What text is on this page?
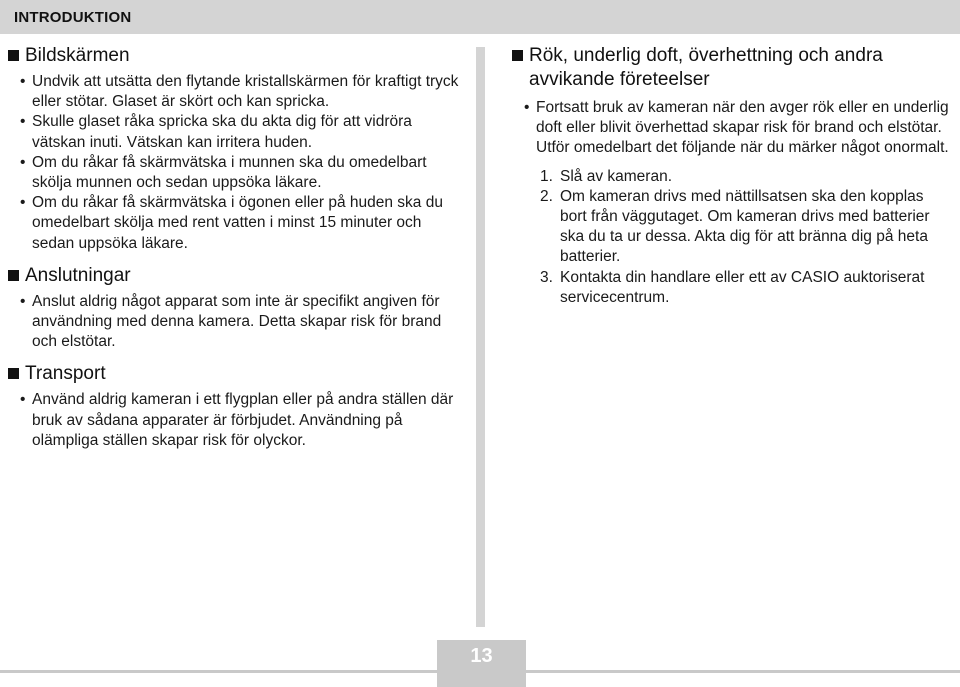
INTRODUKTION
Bildskärmen
• Undvik att utsätta den flytande kristallskärmen för kraftigt tryck eller stötar. Glaset är skört och kan spricka.
• Skulle glaset råka spricka ska du akta dig för att vidröra vätskan inuti. Vätskan kan irritera huden.
• Om du råkar få skärmvätska i munnen ska du omedelbart skölja munnen och sedan uppsöka läkare.
• Om du råkar få skärmvätska i ögonen eller på huden ska du omedelbart skölja med rent vatten i minst 15 minuter och sedan uppsöka läkare.
Anslutningar
• Anslut aldrig något apparat som inte är specifikt angiven för användning med denna kamera. Detta skapar risk för brand och elstötar.
Transport
• Använd aldrig kameran i ett flygplan eller på andra ställen där bruk av sådana apparater är förbjudet. Användning på olämpliga ställen skapar risk för olyckor.
Rök, underlig doft, överhettning och andra avvikande företeelser
• Fortsatt bruk av kameran när den avger rök eller en underlig doft eller blivit överhettad skapar risk för brand och elstötar. Utför omedelbart det följande när du märker något onormalt.
1. Slå av kameran.
2. Om kameran drivs med nättillsatsen ska den kopplas bort från väggutaget. Om kameran drivs med batterier ska du ta ur dessa. Akta dig för att bränna dig på heta batterier.
3. Kontakta din handlare eller ett av CASIO auktoriserat servicecentrum.
13
